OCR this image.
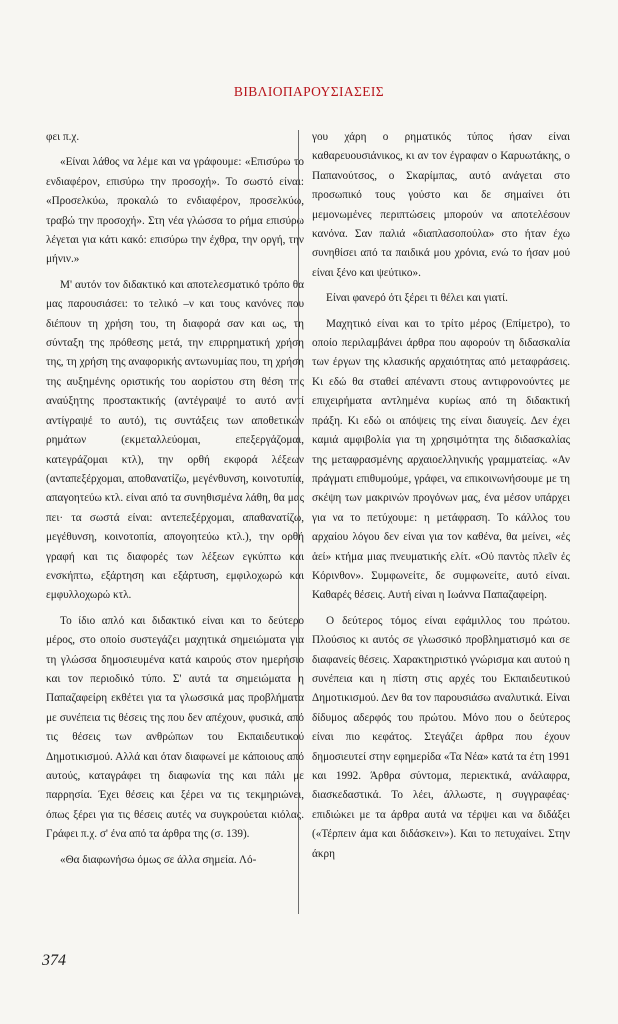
ΒΙΒΛΙΟΠΑΡΟΥΣΙΑΣΕΙΣ

φει π.χ.

«Είναι λάθος να λέμε και να γράφουμε: «Επισύρω το ενδιαφέρον, επισύρω την προσοχή». Το σωστό είναι: «Προσελκύω, προκαλώ το ενδιαφέρον, προσελκύω, τραβώ την προσοχή». Στη νέα γλώσσα το ρήμα επισύρω λέγεται για κάτι κακό: επισύρω την έχθρα, την οργή, την μήνιν.»

Μ' αυτόν τον διδακτικό και αποτελεσματικό τρόπο θα μας παρουσιάσει: το τελικό –ν και τους κανόνες που διέπουν τη χρήση του, τη διαφορά σαν και ως, τη σύνταξη της πρόθεσης μετά, την επιρρηματική χρήση της, τη χρήση της αναφορικής αντωνυμίας που, τη χρήση της αυξημένης οριστικής του αορίστου στη θέση της αναύξητης προστακτικής (αντέγραψέ το αυτό αντί αντίγραψέ το αυτό), τις συντάξεις των αποθετικών ρημάτων (εκμεταλλεύομαι, επεξεργάζομαι, κατεγράζομαι κτλ), την ορθή εκφορά λέξεων (ανταπεξέρχομαι, αποθανατίζω, μεγένθυνση, κοινοτυπία, απαγοητεύω κτλ. είναι από τα συνηθισμένα λάθη, θα μας πει· τα σωστά είναι: αντεπεξέρχομαι, απαθανατίζω, μεγέθυνση, κοινοτοπία, απογοητεύω κτλ.), την ορθή γραφή και τις διαφορές των λέξεων εγκύπτω και ενσκήπτω, εξάρτηση και εξάρτυση, εμφιλοχωρώ και εμφυλλοχωρώ κτλ.

Το ίδιο απλό και διδακτικό είναι και το δεύτερο μέρος, στο οποίο συστεγάζει μαχητικά σημειώματα για τη γλώσσα δημοσιευμένα κατά καιρούς στον ημερήσιο και τον περιοδικό τύπο. Σ' αυτά τα σημειώματα η Παπαζαφείρη εκθέτει για τα γλωσσικά μας προβλήματα με συνέπεια τις θέσεις της που δεν απέχουν, φυσικά, από τις θέσεις των ανθρώπων του Εκπαιδευτικού Δημοτικισμού. Αλλά και όταν διαφωνεί με κάποιους από αυτούς, καταγράφει τη διαφωνία της και πάλι με παρρησία. Έχει θέσεις και ξέρει να τις τεκμηριώνει, όπως ξέρει για τις θέσεις αυτές να συγκρούεται κιόλας. Γράφει π.χ. σ' ένα από τα άρθρα της (σ. 139).

«Θα διαφωνήσω όμως σε άλλα σημεία. Λό-

γου χάρη ο ρηματικός τύπος ήσαν είναι καθαρευουσιάνικος, κι αν τον έγραφαν ο Καρυωτάκης, ο Παπανούτσος, ο Σκαρίμπας, αυτό ανάγεται στο προσωπικό τους γούστο και δε σημαίνει ότι μεμονωμένες περιπτώσεις μπορούν να αποτελέσουν κανόνα. Σαν παλιά «διαπλασοπούλα» στο ήταν έχω συνηθίσει από τα παιδικά μου χρόνια, ενώ το ήσαν μού είναι ξένο και ψεύτικο».

Είναι φανερό ότι ξέρει τι θέλει και γιατί.

Μαχητικό είναι και το τρίτο μέρος (Επίμετρο), το οποίο περιλαμβάνει άρθρα που αφορούν τη διδασκαλία των έργων της κλασικής αρχαιότητας από μεταφράσεις. Κι εδώ θα σταθεί απέναντι στους αντιφρονούντες με επιχειρήματα αντλημένα κυρίως από τη διδακτική πράξη. Κι εδώ οι απόψεις της είναι διαυγείς. Δεν έχει καμιά αμφιβολία για τη χρησιμότητα της διδασκαλίας της μεταφρασμένης αρχαιοελληνικής γραμματείας. «Αν πράγματι επιθυμούμε, γράφει, να επικοινωνήσουμε με τη σκέψη των μακρινών προγόνων μας, ένα μέσον υπάρχει για να το πετύχουμε: η μετάφραση. Το κάλλος του αρχαίου λόγου δεν είναι για τον καθένα, θα μείνει, «ἐς ἀεί» κτήμα μιας πνευματικής ελίτ. «Οὐ παντὸς πλεῖν ἐς Κόρινθον». Συμφωνείτε, δε συμφωνείτε, αυτό είναι. Καθαρές θέσεις. Αυτή είναι η Ιωάννα Παπαζαφείρη.

Ο δεύτερος τόμος είναι εφάμιλλος του πρώτου. Πλούσιος κι αυτός σε γλωσσικό προβληματισμό και σε διαφανείς θέσεις. Χαρακτηριστικό γνώρισμα και αυτού η συνέπεια και η πίστη στις αρχές του Εκπαιδευτικού Δημοτικισμού. Δεν θα τον παρουσιάσω αναλυτικά. Είναι δίδυμος αδερφός του πρώτου. Μόνο που ο δεύτερος είναι πιο κεφάτος. Στεγάζει άρθρα που έχουν δημοσιευτεί στην εφημερίδα «Τα Νέα» κατά τα έτη 1991 και 1992. Άρθρα σύντομα, περιεκτικά, ανάλαφρα, διασκεδαστικά. Το λέει, άλλωστε, η συγγραφέας· επιδιώκει με τα άρθρα αυτά να τέρψει και να διδάξει («Τέρπειν άμα και διδάσκειν»). Και το πετυχαίνει. Στην άκρη

374
